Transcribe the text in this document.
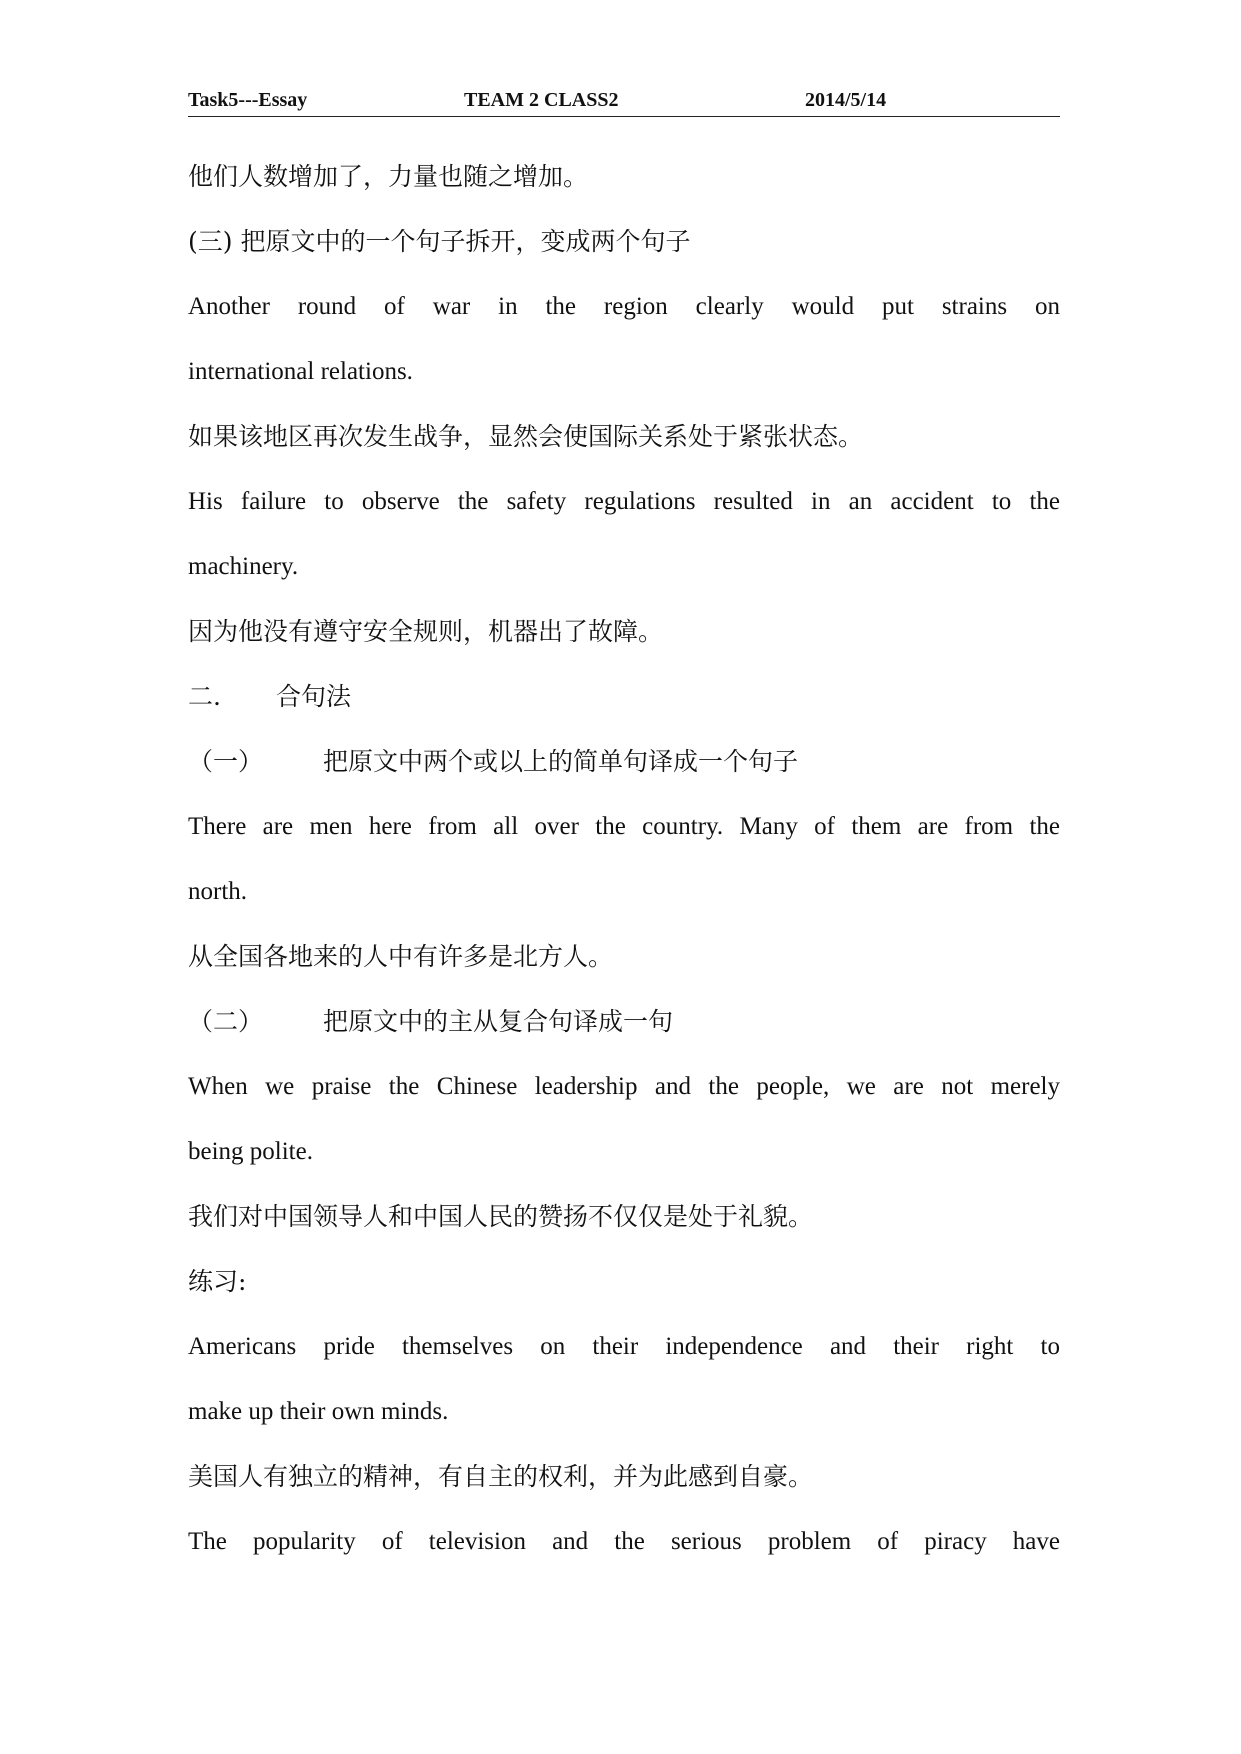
Task5---Essay	TEAM 2 CLASS2	2014/5/14
他们人数增加了，力量也随之增加。
(三) 把原文中的一个句子拆开，变成两个句子
Another round of war in the region clearly would put strains on
international relations.
如果该地区再次发生战争，显然会使国际关系处于紧张状态。
His failure to observe the safety regulations resulted in an accident to the
machinery.
因为他没有遵守安全规则，机器出了故障。
二. 合句法
（一） 把原文中两个或以上的简单句译成一个句子
There are men here from all over the country. Many of them are from the
north.
从全国各地来的人中有许多是北方人。
（二） 把原文中的主从复合句译成一句
When we praise the Chinese leadership and the people, we are not merely
being polite.
我们对中国领导人和中国人民的赞扬不仅仅是处于礼貌。
练习:
Americans pride themselves on their independence and their right to
make up their own minds.
美国人有独立的精神，有自主的权利，并为此感到自豪。
The popularity of television and the serious problem of piracy have
